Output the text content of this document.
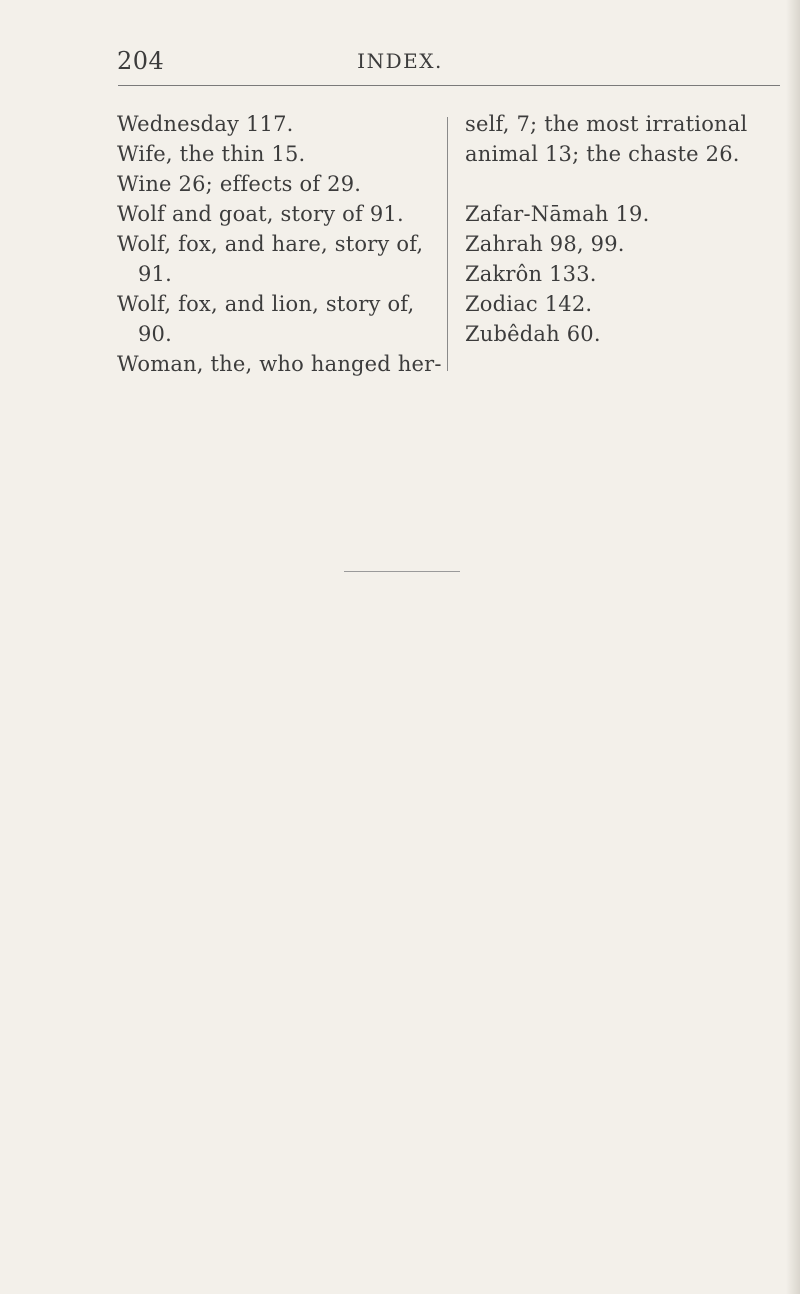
204	INDEX.
Wednesday 117.
Wife, the thin 15.
Wine 26; effects of 29.
Wolf and goat, story of 91.
Wolf, fox, and hare, story of,
91.
Wolf, fox, and lion, story of,
90.
Woman, the, who hanged her-
self, 7; the most irrational
animal 13; the chaste 26.
Zafar-Nāmah 19.
Zahrah 98, 99.
Zakrôn 133.
Zodiac 142.
Zubêdah 60.
